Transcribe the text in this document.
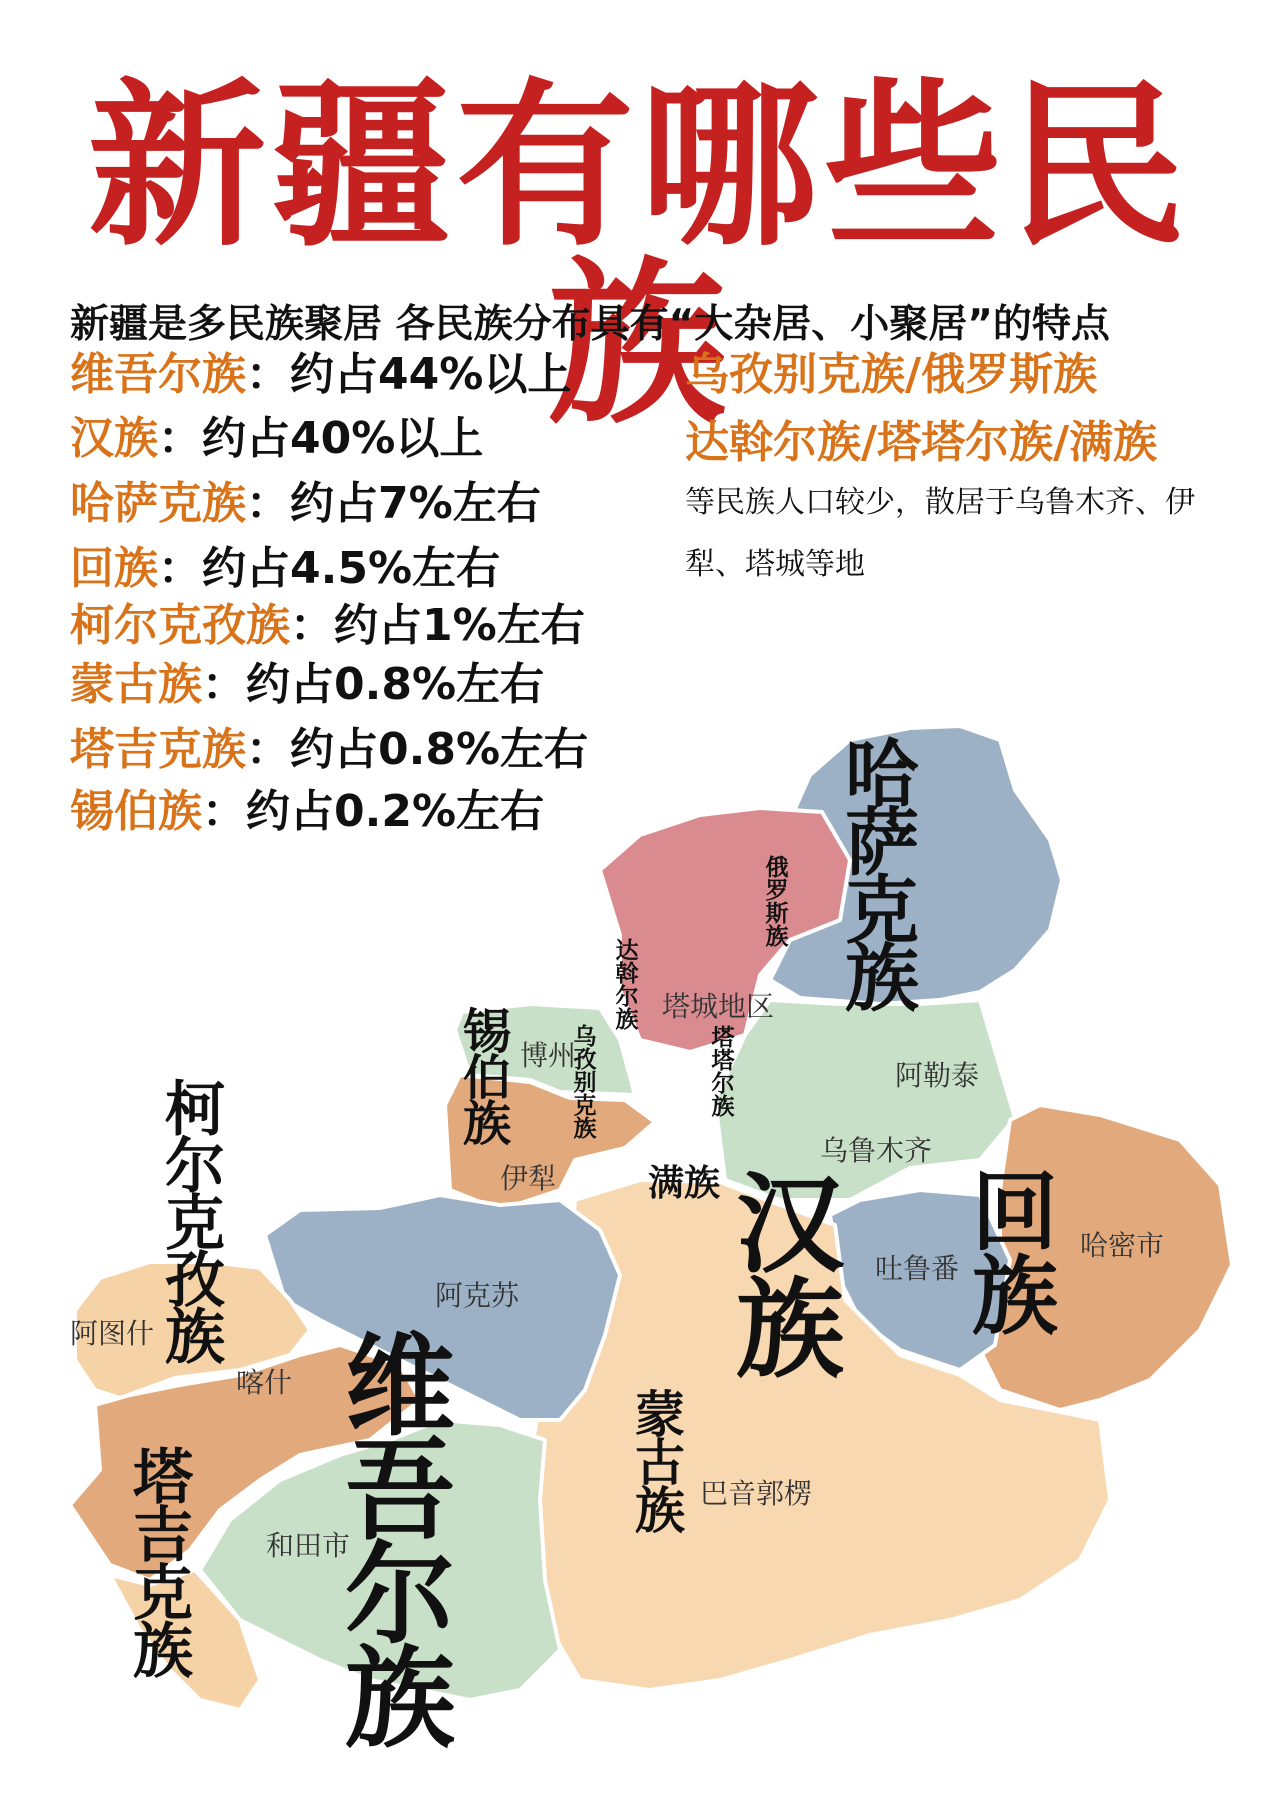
新疆有哪些民族
新疆是多民族聚居 各民族分布具有“大杂居、小聚居”的特点
维吾尔族：约占44%以上
汉族：约占40%以上
哈萨克族：约占7%左右
回族：约占4.5%左右
柯尔克孜族：约占1%左右
蒙古族：约占0.8%左右
塔吉克族：约占0.8%左右
锡伯族：约占0.2%左右
乌孜别克族/俄罗斯族
达斡尔族/塔塔尔族/满族
等民族人口较少，散居于乌鲁木齐、伊犁、塔城等地
塔城地区
阿勒泰
博州
伊犁
乌鲁木齐
阿克苏
吐鲁番
哈密市
阿图什
喀什
和田市
巴音郭楞
哈萨克族
俄罗斯族
达斡尔族
塔塔尔族
锡伯族
乌孜别克族
汉族
回族
柯尔克孜族 维吾尔族
蒙古族
塔吉克族
满族
